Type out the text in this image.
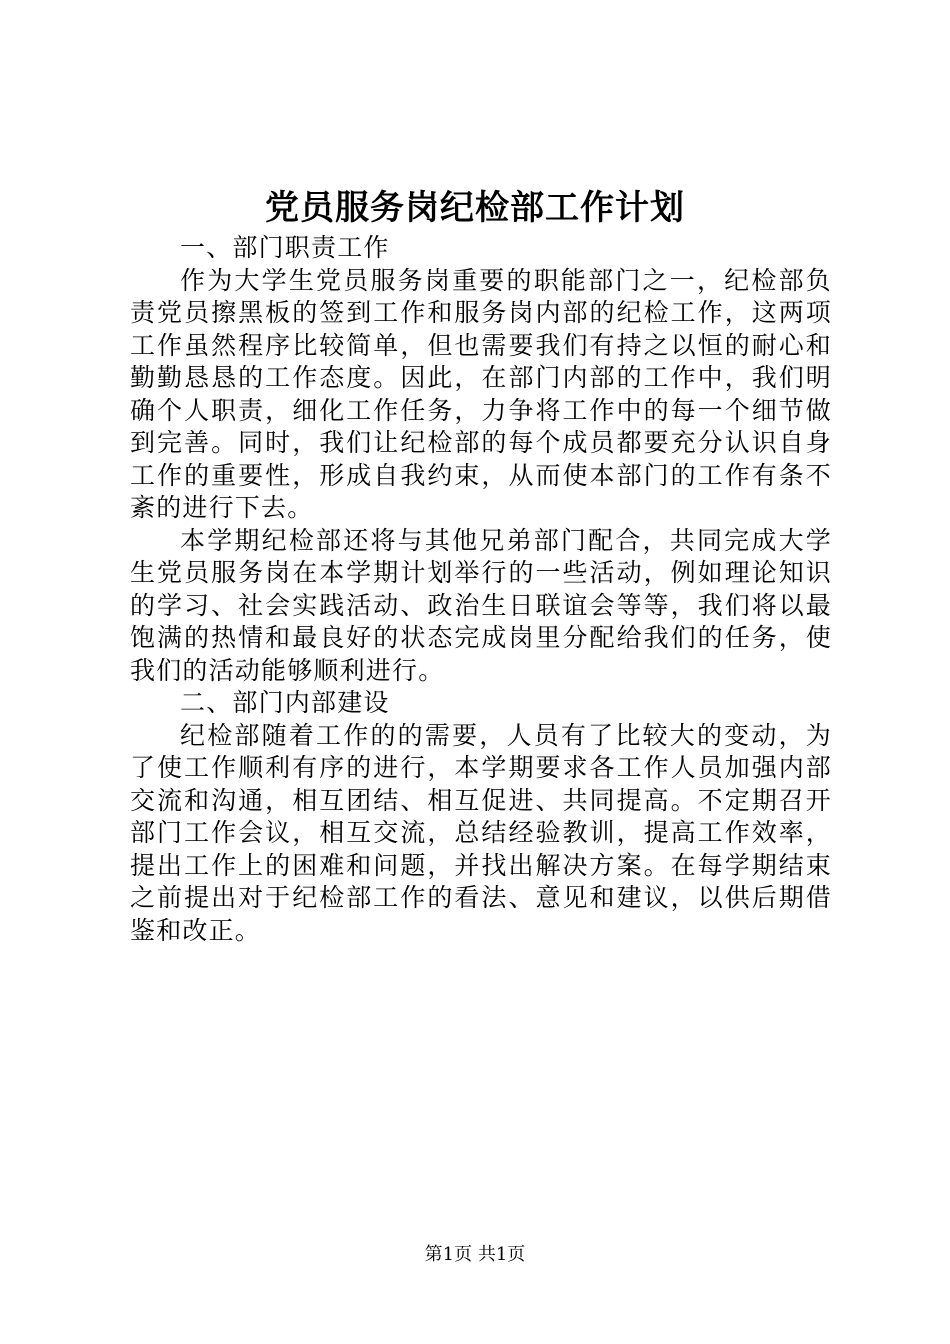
党员服务岗纪检部工作计划

一、部门职责工作

作为大学生党员服务岗重要的职能部门之一，纪检部负责党员擦黑板的签到工作和服务岗内部的纪检工作，这两项工作虽然程序比较简单，但也需要我们有持之以恒的耐心和勤勤恳恳的工作态度。因此，在部门内部的工作中，我们明确个人职责，细化工作任务，力争将工作中的每一个细节做到完善。同时，我们让纪检部的每个成员都要充分认识自身工作的重要性，形成自我约束，从而使本部门的工作有条不紊的进行下去。

本学期纪检部还将与其他兄弟部门配合，共同完成大学生党员服务岗在本学期计划举行的一些活动，例如理论知识的学习、社会实践活动、政治生日联谊会等等，我们将以最饱满的热情和最良好的状态完成岗里分配给我们的任务，使我们的活动能够顺利进行。

二、部门内部建设

纪检部随着工作的的需要，人员有了比较大的变动，为了使工作顺利有序的进行，本学期要求各工作人员加强内部交流和沟通，相互团结、相互促进、共同提高。不定期召开部门工作会议，相互交流，总结经验教训，提高工作效率，提出工作上的困难和问题，并找出解决方案。在每学期结束之前提出对于纪检部工作的看法、意见和建议，以供后期借鉴和改正。

第1页 共1页
